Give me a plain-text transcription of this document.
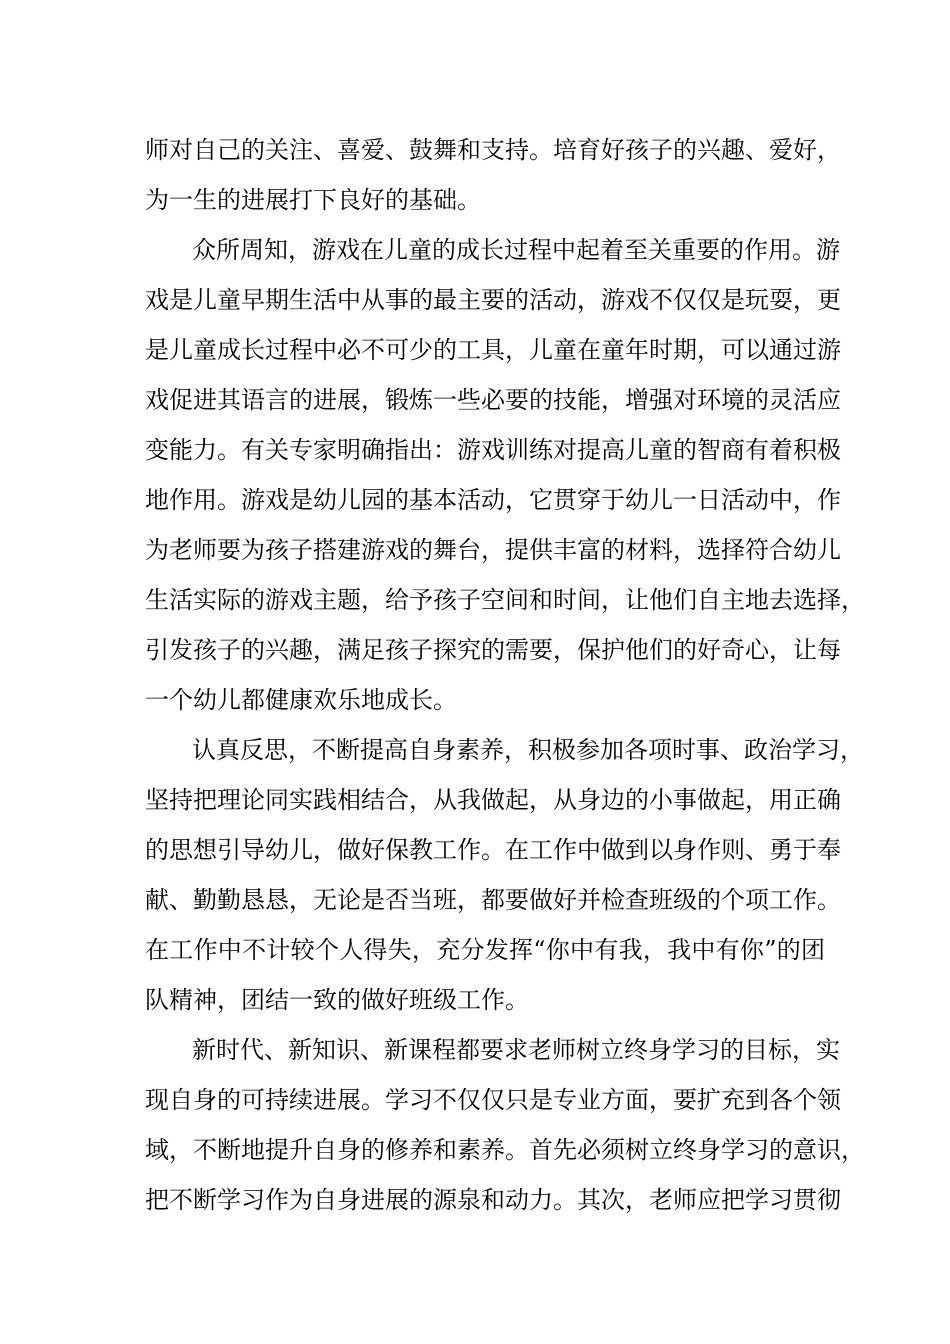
师对自己的关注、喜爱、鼓舞和支持。培育好孩子的兴趣、爱好，

为一生的进展打下良好的基础。

众所周知，游戏在儿童的成长过程中起着至关重要的作用。游

戏是儿童早期生活中从事的最主要的活动，游戏不仅仅是玩耍，更

是儿童成长过程中必不可少的工具，儿童在童年时期，可以通过游

戏促进其语言的进展，锻炼一些必要的技能，增强对环境的灵活应

变能力。有关专家明确指出：游戏训练对提高儿童的智商有着积极

地作用。游戏是幼儿园的基本活动，它贯穿于幼儿一日活动中，作

为老师要为孩子搭建游戏的舞台，提供丰富的材料，选择符合幼儿

生活实际的游戏主题，给予孩子空间和时间，让他们自主地去选择，

引发孩子的兴趣，满足孩子探究的需要，保护他们的好奇心，让每

一个幼儿都健康欢乐地成长。

认真反思，不断提高自身素养，积极参加各项时事、政治学习，

坚持把理论同实践相结合，从我做起，从身边的小事做起，用正确

的思想引导幼儿，做好保教工作。在工作中做到以身作则、勇于奉

献、勤勤恳恳，无论是否当班，都要做好并检查班级的个项工作。

在工作中不计较个人得失，充分发挥“你中有我，我中有你”的团

队精神，团结一致的做好班级工作。

新时代、新知识、新课程都要求老师树立终身学习的目标，实

现自身的可持续进展。学习不仅仅只是专业方面，要扩充到各个领

域，不断地提升自身的修养和素养。首先必须树立终身学习的意识，

把不断学习作为自身进展的源泉和动力。其次，老师应把学习贯彻
